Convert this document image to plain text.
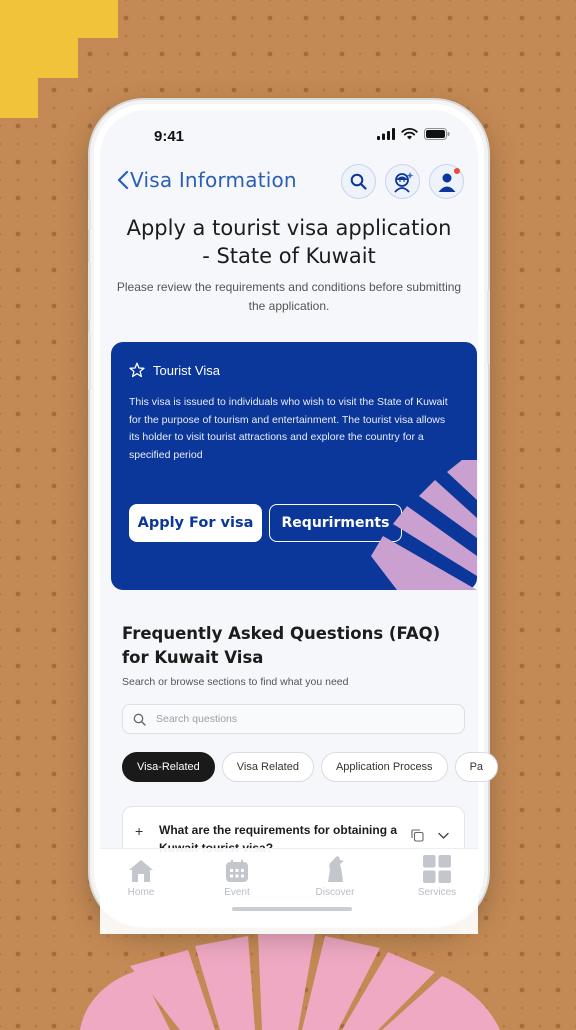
9:41
Visa Information
Apply a tourist visa application - State of Kuwait
Please review the requirements and conditions before submitting the application.
Tourist Visa
This visa is issued to individuals who wish to visit the State of Kuwait for the purpose of tourism and entertainment. The tourist visa allows its holder to visit tourist attractions and explore the country for a specified period
Apply For visa	Requrirments
Frequently Asked Questions (FAQ) for Kuwait Visa
Search or browse sections to find what you need
Search questions
Visa-Related	Visa Related	Application Process	Pa
+ What are the requirements for obtaining a
Home	Event	Discover	Services
